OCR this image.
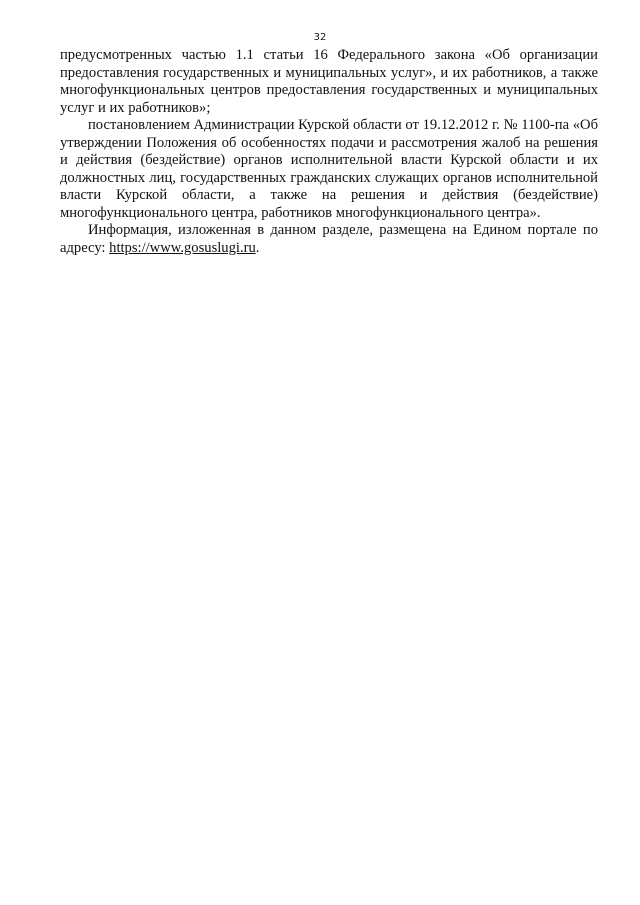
32

предусмотренных частью 1.1 статьи 16 Федерального закона «Об организации предоставления государственных и муниципальных услуг», и их работников, а также многофункциональных центров предоставления государственных и муниципальных услуг и их работников»;

постановлением Администрации Курской области от 19.12.2012 г. № 1100-па «Об утверждении Положения об особенностях подачи и рассмотрения жалоб на решения и действия (бездействие) органов исполнительной власти Курской области и их должностных лиц, государственных гражданских служащих органов исполнительной власти Курской области, а также на решения и действия (бездействие) многофункционального центра, работников многофункционального центра».

Информация, изложенная в данном разделе, размещена на Едином портале по адресу: https://www.gosuslugi.ru.
